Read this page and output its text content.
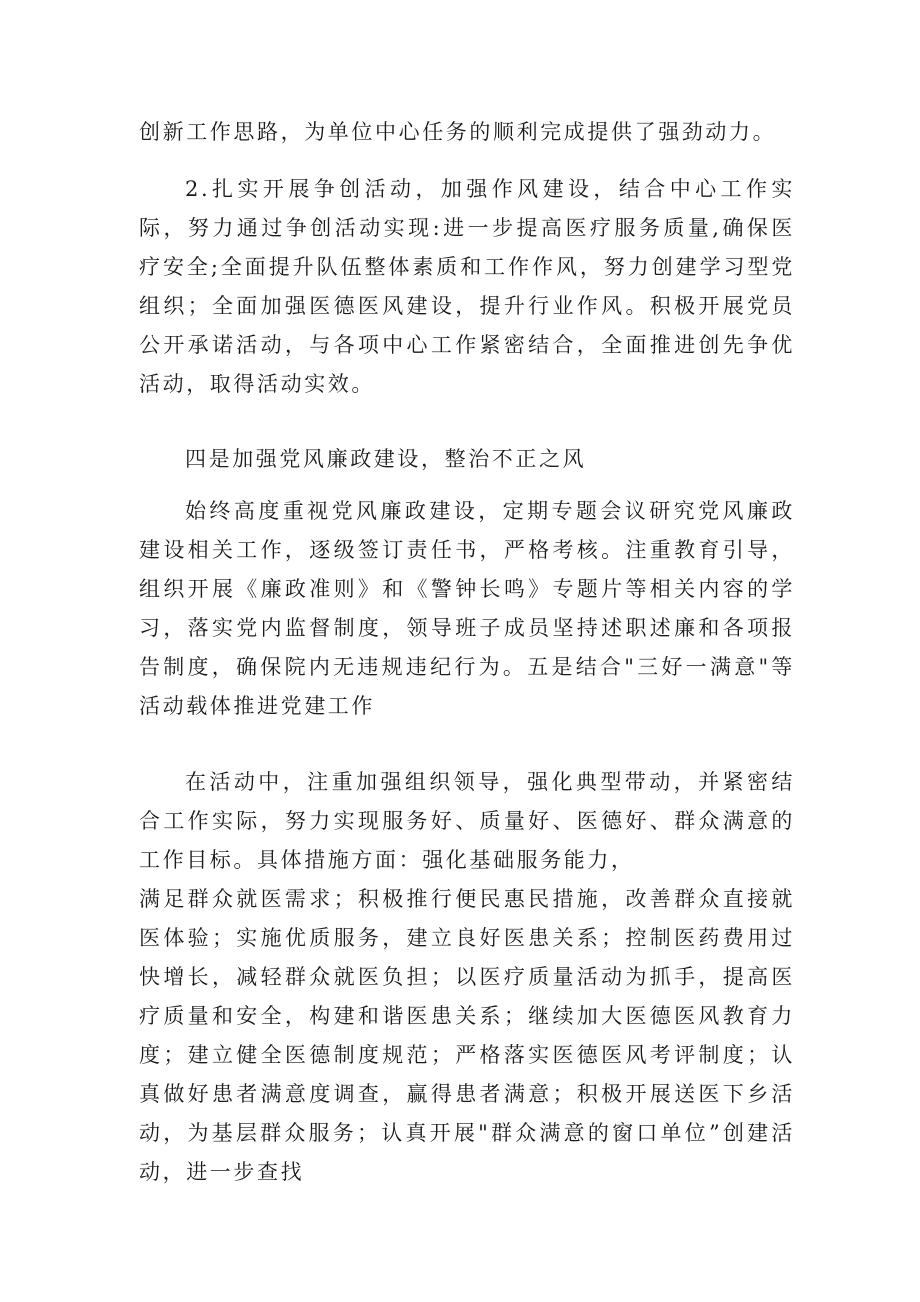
创新工作思路，为单位中心任务的顺利完成提供了强劲动力。

2.扎实开展争创活动，加强作风建设，结合中心工作实际，努力通过争创活动实现:进一步提高医疗服务质量,确保医疗安全;全面提升队伍整体素质和工作作风，努力创建学习型党组织；全面加强医德医风建设，提升行业作风。积极开展党员公开承诺活动，与各项中心工作紧密结合，全面推进创先争优活动，取得活动实效。

四是加强党风廉政建设，整治不正之风

始终高度重视党风廉政建设，定期专题会议研究党风廉政建设相关工作，逐级签订责任书，严格考核。注重教育引导，组织开展《廉政准则》和《警钟长鸣》专题片等相关内容的学习，落实党内监督制度，领导班子成员坚持述职述廉和各项报告制度，确保院内无违规违纪行为。五是结合"三好一满意"等活动载体推进党建工作

在活动中，注重加强组织领导，强化典型带动，并紧密结合工作实际，努力实现服务好、质量好、医德好、群众满意的工作目标。具体措施方面：强化基础服务能力，

满足群众就医需求；积极推行便民惠民措施，改善群众直接就医体验；实施优质服务，建立良好医患关系；控制医药费用过快增长，减轻群众就医负担；以医疗质量活动为抓手，提高医疗质量和安全，构建和谐医患关系；继续加大医德医风教育力度；建立健全医德制度规范；严格落实医德医风考评制度；认真做好患者满意度调查，赢得患者满意；积极开展送医下乡活动，为基层群众服务；认真开展"群众满意的窗口单位”创建活动，进一步查找
